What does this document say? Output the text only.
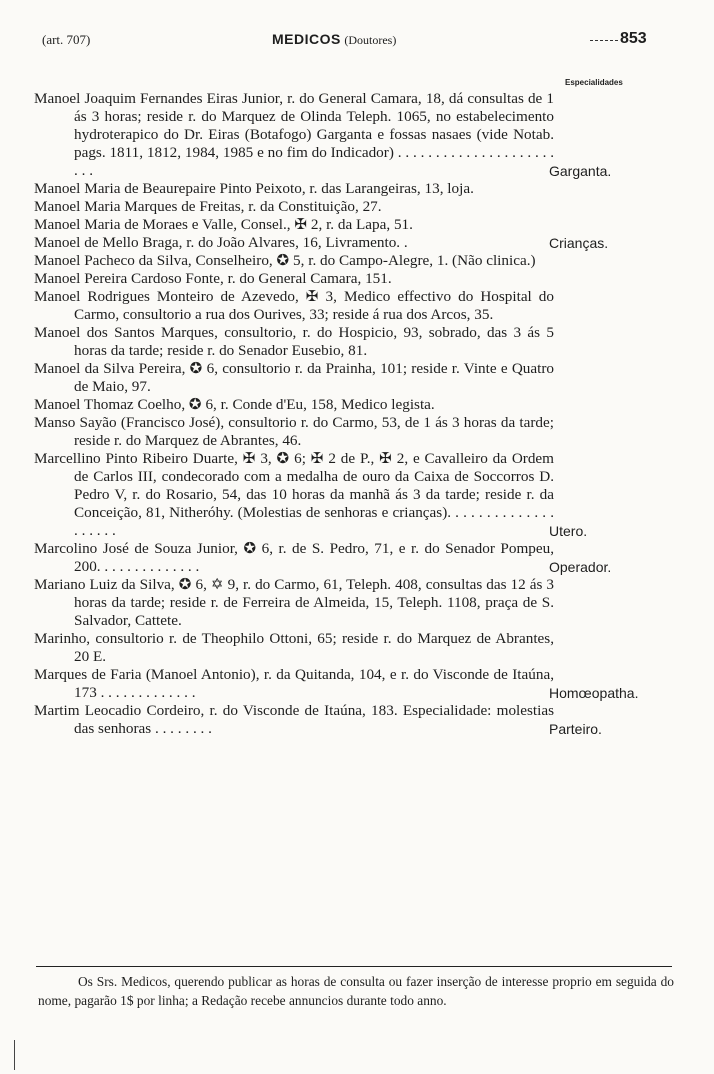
(art. 707)	MEDICOS (Doutores)	853
Especialidades

Manoel Joaquim Fernandes Eiras Junior, r. do General Camara, 18, dá consultas de 1 ás 3 horas; reside r. do Marquez de Olinda Teleph. 1065, no estabelecimento hydroterapico do Dr. Eiras (Botafogo) Garganta e fossas nasaes (vide Notab. pags. 1811, 1812, 1984, 1985 e no fim do Indicador) . . . . . . . . . . . . . . . . . . . . . . . .	Garganta.

Manoel Maria de Beaurepaire Pinto Peixoto, r. das Larangeiras, 13, loja.

Manoel Maria Marques de Freitas, r. da Constituição, 27.

Manoel Maria de Moraes e Valle, Consel., ✠ 2, r. da Lapa, 51.

Manoel de Mello Braga, r. do João Alvares, 16, Livramento. .	Crianças.

Manoel Pacheco da Silva, Conselheiro, ✪ 5, r. do Campo-Alegre, 1. (Não clinica.)

Manoel Pereira Cardoso Fonte, r. do General Camara, 151.

Manoel Rodrigues Monteiro de Azevedo, ✠ 3, Medico effectivo do Hospital do Carmo, consultorio a rua dos Ourives, 33; reside á rua dos Arcos, 35.

Manoel dos Santos Marques, consultorio, r. do Hospicio, 93, sobrado, das 3 ás 5 horas da tarde; reside r. do Senador Eusebio, 81.

Manoel da Silva Pereira, ✪ 6, consultorio r. da Prainha, 101; reside r. Vinte e Quatro de Maio, 97.

Manoel Thomaz Coelho, ✪ 6, r. Conde d'Eu, 158, Medico legista.

Manso Sayão (Francisco José), consultorio r. do Carmo, 53, de 1 ás 3 horas da tarde; reside r. do Marquez de Abrantes, 46.

Marcellino Pinto Ribeiro Duarte, ✠ 3, ✪ 6; ✠ 2 de P., ✠ 2, e Cavalleiro da Ordem de Carlos III, condecorado com a medalha de ouro da Caixa de Soccorros D. Pedro V, r. do Rosario, 54, das 10 horas da manhã ás 3 da tarde; reside r. da Conceição, 81, Nitheróhy. (Molestias de senhoras e crianças). . . . . . . . . . . . . . . . . . . .	Utero.

Marcolino José de Souza Junior, ✪ 6, r. de S. Pedro, 71, e r. do Senador Pompeu, 200. . . . . . . . . . . . . .	Operador.

Mariano Luiz da Silva, ✪ 6, ✡ 9, r. do Carmo, 61, Teleph. 408, consultas das 12 ás 3 horas da tarde; reside r. de Ferreira de Almeida, 15, Teleph. 1108, praça de S. Salvador, Cattete.

Marinho, consultorio r. de Theophilo Ottoni, 65; reside r. do Marquez de Abrantes, 20 E.

Marques de Faria (Manoel Antonio), r. da Quitanda, 104, e r. do Visconde de Itaúna, 173 . . . . . . . . . . . . .	Homœopatha.

Martim Leocadio Cordeiro, r. do Visconde de Itaúna, 183. Especialidade: molestias das senhoras . . . . . . . .	Parteiro.

Os Srs. Medicos, querendo publicar as horas de consulta ou fazer inserção de interesse proprio em seguida do nome, pagarão 1$ por linha; a Redação recebe annuncios durante todo anno.
